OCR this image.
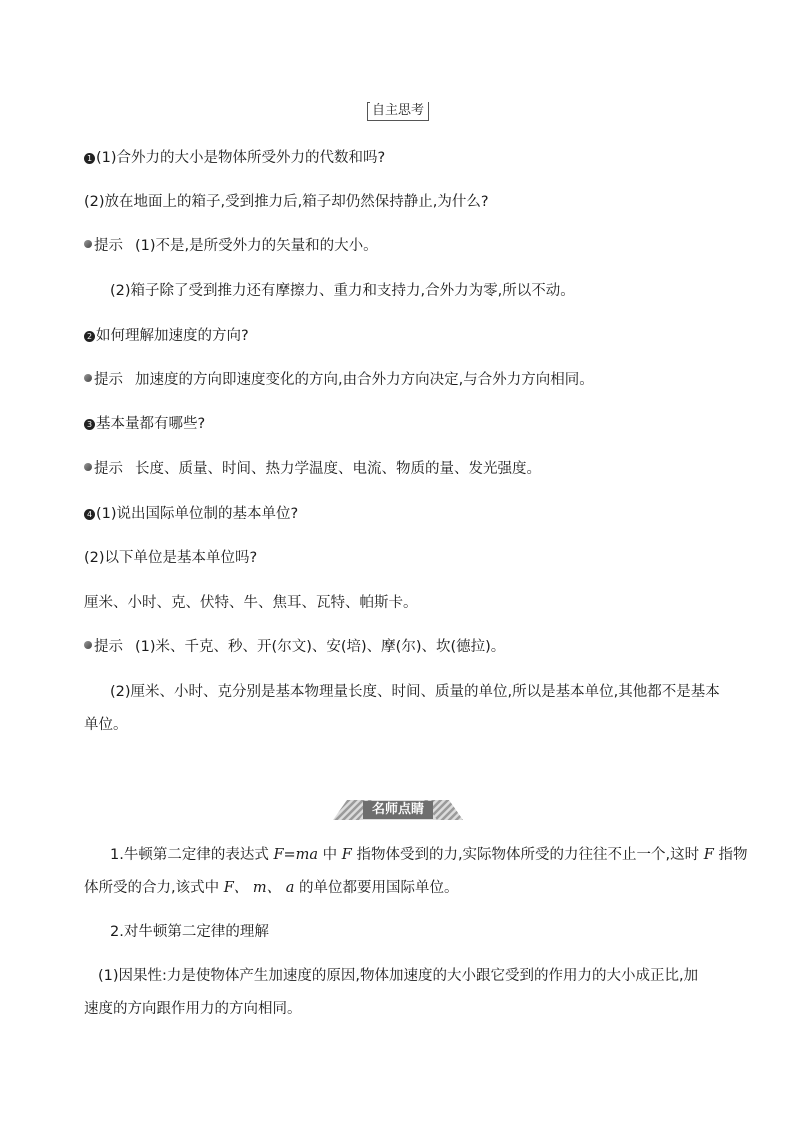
自主思考
1 (1)合外力的大小是物体所受外力的代数和吗?
(2)放在地面上的箱子,受到推力后,箱子却仍然保持静止,为什么?
提示 (1)不是,是所受外力的矢量和的大小。
(2)箱子除了受到推力还有摩擦力、重力和支持力,合外力为零,所以不动。
2 如何理解加速度的方向?
提示 加速度的方向即速度变化的方向,由合外力方向决定,与合外力方向相同。
3 基本量都有哪些?
提示 长度、质量、时间、热力学温度、电流、物质的量、发光强度。
4 (1)说出国际单位制的基本单位?
(2)以下单位是基本单位吗?
厘米、小时、克、伏特、牛、焦耳、瓦特、帕斯卡。
提示 (1)米、千克、秒、开(尔文)、安(培)、摩(尔)、坎(德拉)。
(2)厘米、小时、克分别是基本物理量长度、时间、质量的单位,所以是基本单位,其他都不是基本
单位。
名师点睛
1.牛顿第二定律的表达式 F=ma 中 F 指物体受到的力,实际物体所受的力往往不止一个,这时 F 指物
体所受的合力,该式中 F、 m、 a 的单位都要用国际单位。
2.对牛顿第二定律的理解
(1)因果性:力是使物体产生加速度的原因,物体加速度的大小跟它受到的作用力的大小成正比,加
速度的方向跟作用力的方向相同。
